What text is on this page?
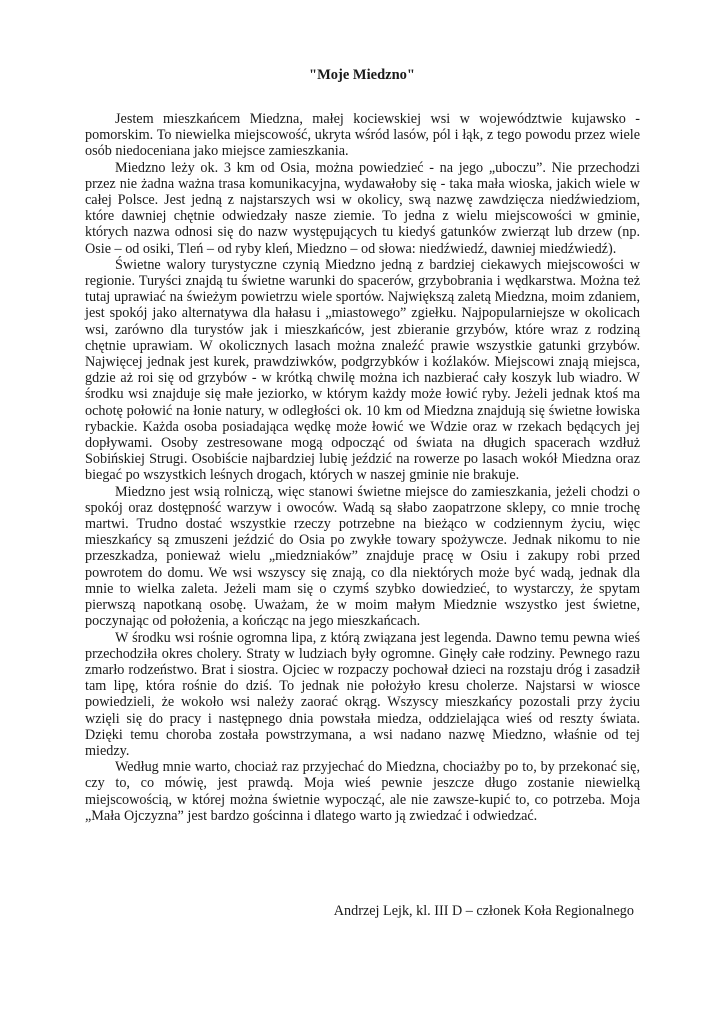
"Moje Miedzno"

Jestem mieszkańcem Miedzna, małej kociewskiej wsi w województwie kujawsko - pomorskim. To niewielka miejscowość, ukryta wśród lasów, pól i łąk, z tego powodu przez wiele osób niedoceniana jako miejsce zamieszkania.

Miedzno leży ok. 3 km od Osia, można powiedzieć - na jego „uboczu”. Nie przechodzi przez nie żadna ważna trasa komunikacyjna, wydawałoby się - taka mała wioska, jakich wiele w całej Polsce. Jest jedną z najstarszych wsi w okolicy, swą nazwę zawdzięcza niedźwiedziom, które dawniej chętnie odwiedzały nasze ziemie. To jedna z wielu miejscowości w gminie, których nazwa odnosi się do nazw występujących tu kiedyś gatunków zwierząt lub drzew (np. Osie – od osiki, Tleń – od ryby kleń, Miedzno – od słowa: niedźwiedź, dawniej miedźwiedź).

Świetne walory turystyczne czynią Miedzno jedną z bardziej ciekawych miejscowości w regionie. Turyści znajdą tu świetne warunki do spacerów, grzybobrania i wędkarstwa. Można też tutaj uprawiać na świeżym powietrzu wiele sportów. Największą zaletą Miedzna, moim zdaniem, jest spokój jako alternatywa dla hałasu i „miastowego” zgiełku. Najpopularniejsze w okolicach wsi, zarówno dla turystów jak i mieszkańców, jest zbieranie grzybów, które wraz z rodziną chętnie uprawiam. W okolicznych lasach można znaleźć prawie wszystkie gatunki grzybów. Najwięcej jednak jest kurek, prawdziwków, podgrzybków i koźlaków. Miejscowi znają miejsca, gdzie aż roi się od grzybów - w krótką chwilę można ich nazbierać cały koszyk lub wiadro. W środku wsi znajduje się małe jeziorko, w którym każdy może łowić ryby. Jeżeli jednak ktoś ma ochotę połowić na łonie natury, w odległości ok. 10 km od Miedzna znajdują się świetne łowiska rybackie. Każda osoba posiadająca wędkę może łowić we Wdzie oraz w rzekach będących jej dopływami. Osoby zestresowane mogą odpocząć od świata na długich spacerach wzdłuż Sobińskiej Strugi. Osobiście najbardziej lubię jeździć na rowerze po lasach wokół Miedzna oraz biegać po wszystkich leśnych drogach, których w naszej gminie nie brakuje.

Miedzno jest wsią rolniczą, więc stanowi świetne miejsce do zamieszkania, jeżeli chodzi o spokój oraz dostępność warzyw i owoców. Wadą są słabo zaopatrzone sklepy, co mnie trochę martwi. Trudno dostać wszystkie rzeczy potrzebne na bieżąco w codziennym życiu, więc mieszkańcy są zmuszeni jeździć do Osia po zwykłe towary spożywcze. Jednak nikomu to nie przeszkadza, ponieważ wielu „miedzniaków” znajduje pracę w Osiu i zakupy robi przed powrotem do domu. We wsi wszyscy się znają, co dla niektórych może być wadą, jednak dla mnie to wielka zaleta. Jeżeli mam się o czymś szybko dowiedzieć, to wystarczy, że spytam pierwszą napotkaną osobę. Uważam, że w moim małym Miedznie wszystko jest świetne, poczynając od położenia, a kończąc na jego mieszkańcach.

W środku wsi rośnie ogromna lipa, z którą związana jest legenda. Dawno temu pewna wieś przechodziła okres cholery. Straty w ludziach były ogromne. Ginęły całe rodziny. Pewnego razu zmarło rodzeństwo. Brat i siostra. Ojciec w rozpaczy pochował dzieci na rozstaju dróg i zasadził tam lipę, która rośnie do dziś. To jednak nie położyło kresu cholerze. Najstarsi w wiosce powiedzieli, że wokoło wsi należy zaorać okrąg. Wszyscy mieszkańcy pozostali przy życiu wzięli się do pracy i następnego dnia powstała miedza, oddzielająca wieś od reszty świata. Dzięki temu choroba została powstrzymana, a wsi nadano nazwę Miedzno, właśnie od tej miedzy.

Według mnie warto, chociaż raz przyjechać do Miedzna, chociażby po to, by przekonać się, czy to, co mówię, jest prawdą. Moja wieś pewnie jeszcze długo zostanie niewielką miejscowością, w której można świetnie wypocząć, ale nie zawsze-kupić to, co potrzeba. Moja „Mała Ojczyzna” jest bardzo gościnna i dlatego warto ją zwiedzać i odwiedzać.

Andrzej Lejk, kl. III D – członek Koła Regionalnego
